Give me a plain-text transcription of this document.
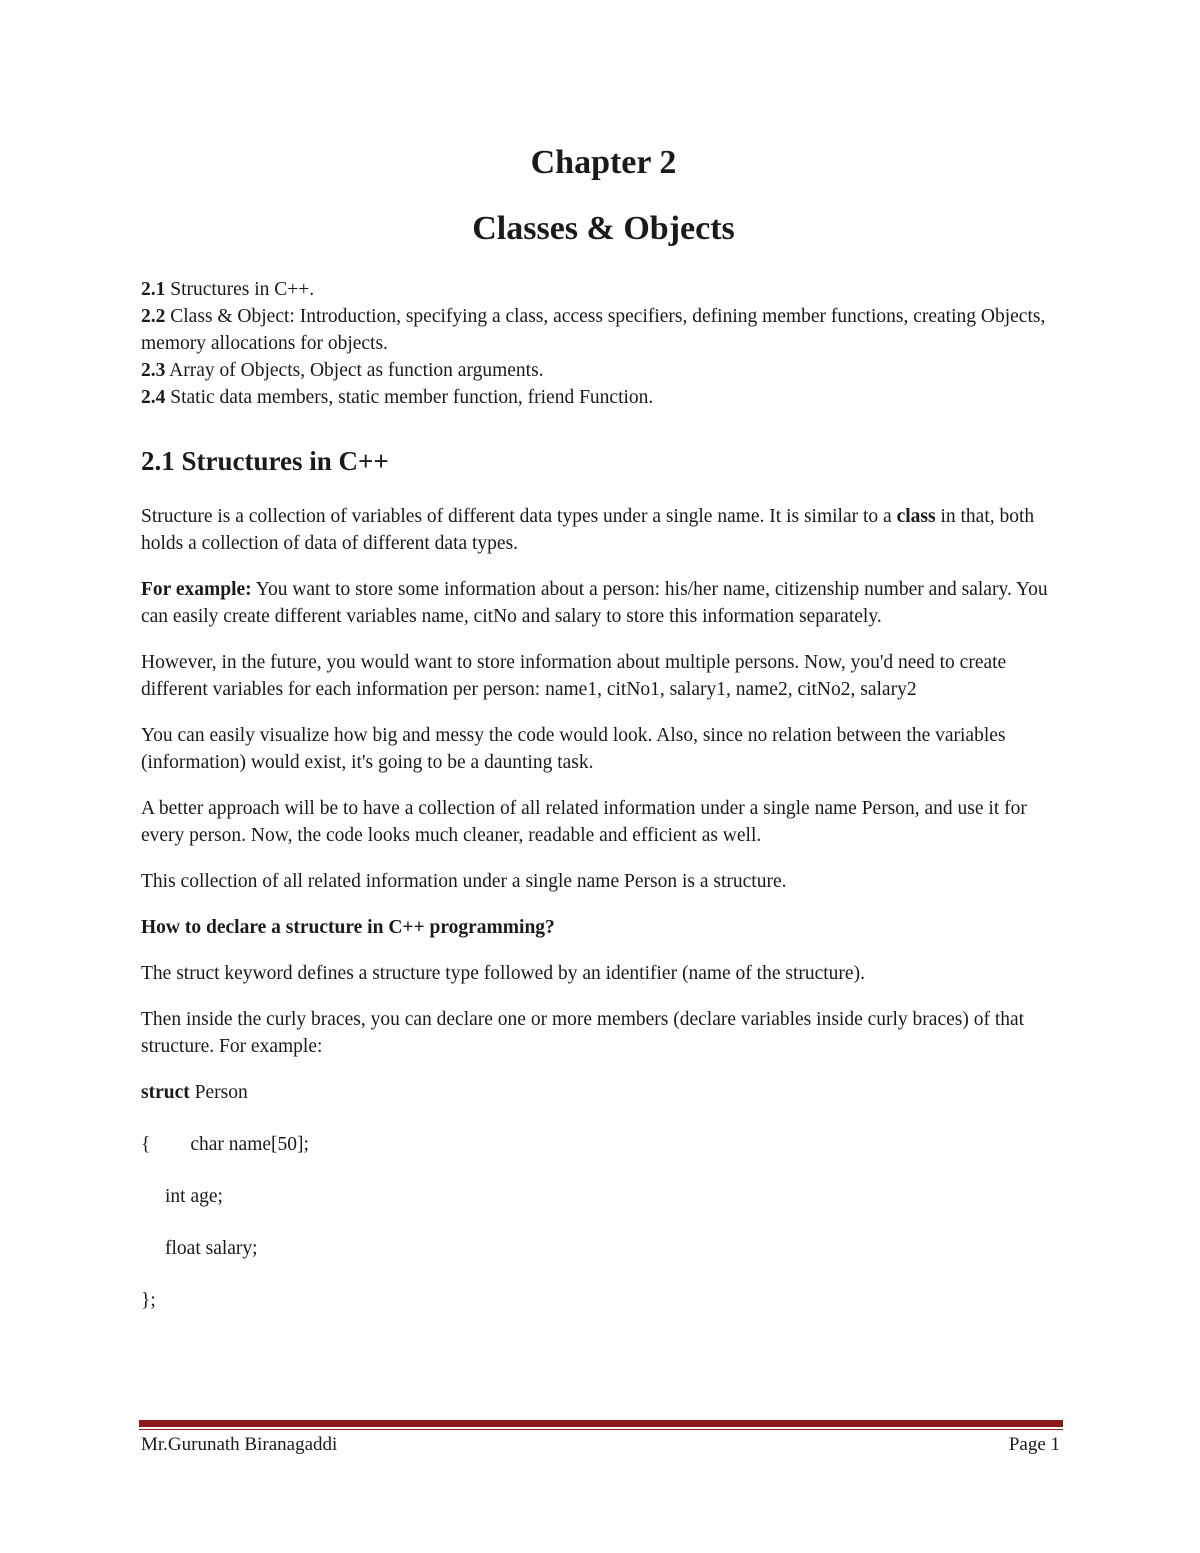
Chapter 2
Classes & Objects
2.1 Structures in C++.
2.2 Class & Object: Introduction, specifying a class, access specifiers, defining member functions, creating Objects, memory allocations for objects.
2.3 Array of Objects, Object as function arguments.
2.4 Static data members, static member function, friend Function.
2.1 Structures in C++
Structure is a collection of variables of different data types under a single name. It is similar to a class in that, both holds a collection of data of different data types.
For example: You want to store some information about a person: his/her name, citizenship number and salary. You can easily create different variables name, citNo and salary to store this information separately.
However, in the future, you would want to store information about multiple persons. Now, you'd need to create different variables for each information per person: name1, citNo1, salary1, name2, citNo2, salary2
You can easily visualize how big and messy the code would look. Also, since no relation between the variables (information) would exist, it's going to be a daunting task.
A better approach will be to have a collection of all related information under a single name Person, and use it for every person. Now, the code looks much cleaner, readable and efficient as well.
This collection of all related information under a single name Person is a structure.
How to declare a structure in C++ programming?
The struct keyword defines a structure type followed by an identifier (name of the structure).
Then inside the curly braces, you can declare one or more members (declare variables inside curly braces) of that structure. For example:
struct Person
{ char name[50];
int age;
float salary;
};
Mr.Gurunath Biranagaddi	Page 1
